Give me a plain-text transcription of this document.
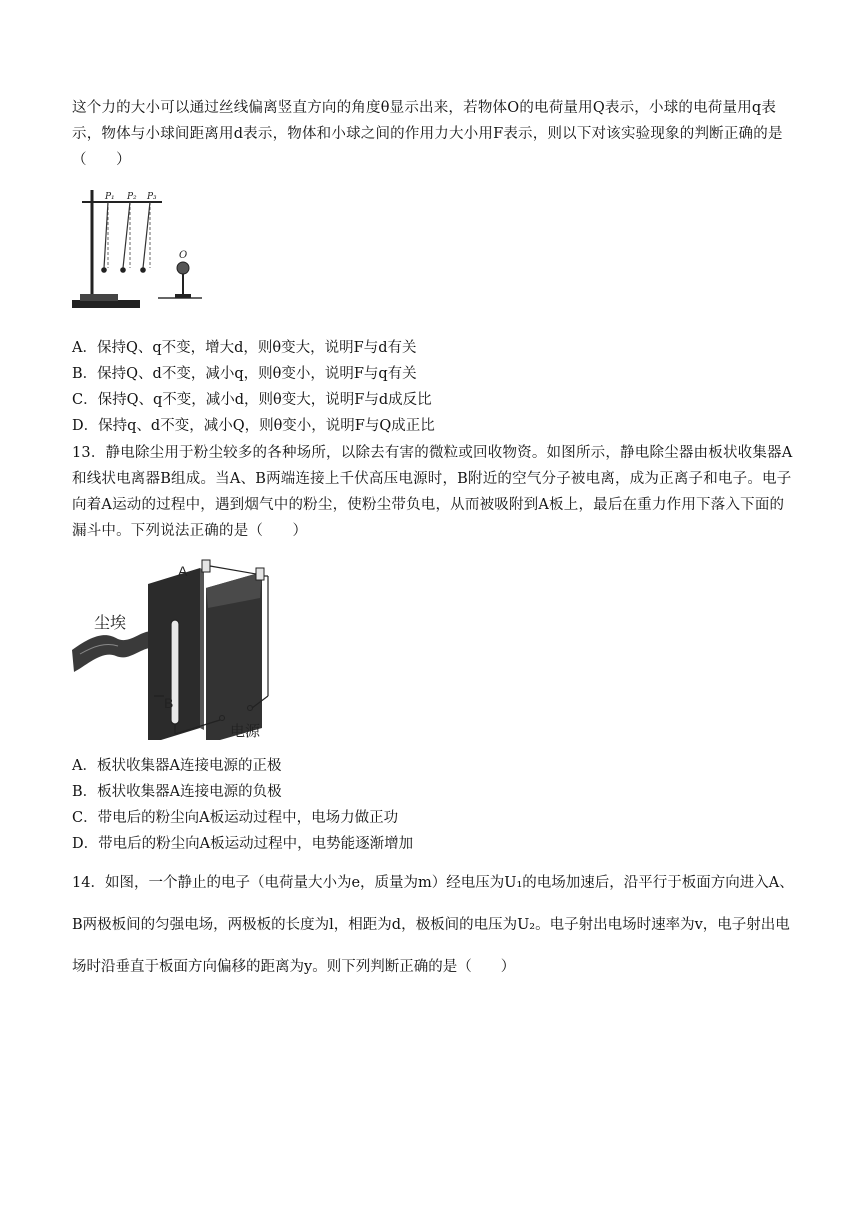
这个力的大小可以通过丝线偏离竖直方向的角度θ显示出来，若物体O的电荷量用Q表示，小球的电荷量用q表示，物体与小球间距离用d表示，物体和小球之间的作用力大小用F表示，则以下对该实验现象的判断正确的是（　　）
P₁ P₂ P₃
O
A．保持Q、q不变，增大d，则θ变大，说明F与d有关
B．保持Q、d不变，减小q，则θ变小，说明F与q有关
C．保持Q、q不变，减小d，则θ变大，说明F与d成反比
D．保持q、d不变，减小Q，则θ变小，说明F与Q成正比
13．静电除尘用于粉尘较多的各种场所，以除去有害的微粒或回收物资。如图所示，静电除尘器由板状收集器A和线状电离器B组成。当A、B两端连接上千伏高压电源时，B附近的空气分子被电离，成为正离子和电子。电子向着A运动的过程中，遇到烟气中的粉尘，使粉尘带负电，从而被吸附到A板上，最后在重力作用下落入下面的漏斗中。下列说法正确的是（　　）
A
B
尘埃
电源
A．板状收集器A连接电源的正极
B．板状收集器A连接电源的负极
C．带电后的粉尘向A板运动过程中，电场力做正功
D．带电后的粉尘向A板运动过程中，电势能逐渐增加
14．如图，一个静止的电子（电荷量大小为e，质量为m）经电压为U₁的电场加速后，沿平行于板面方向进入A、B两极板间的匀强电场，两极板的长度为l，相距为d，极板间的电压为U₂。电子射出电场时速率为v，电子射出电场时沿垂直于板面方向偏移的距离为y。则下列判断正确的是（　　）
